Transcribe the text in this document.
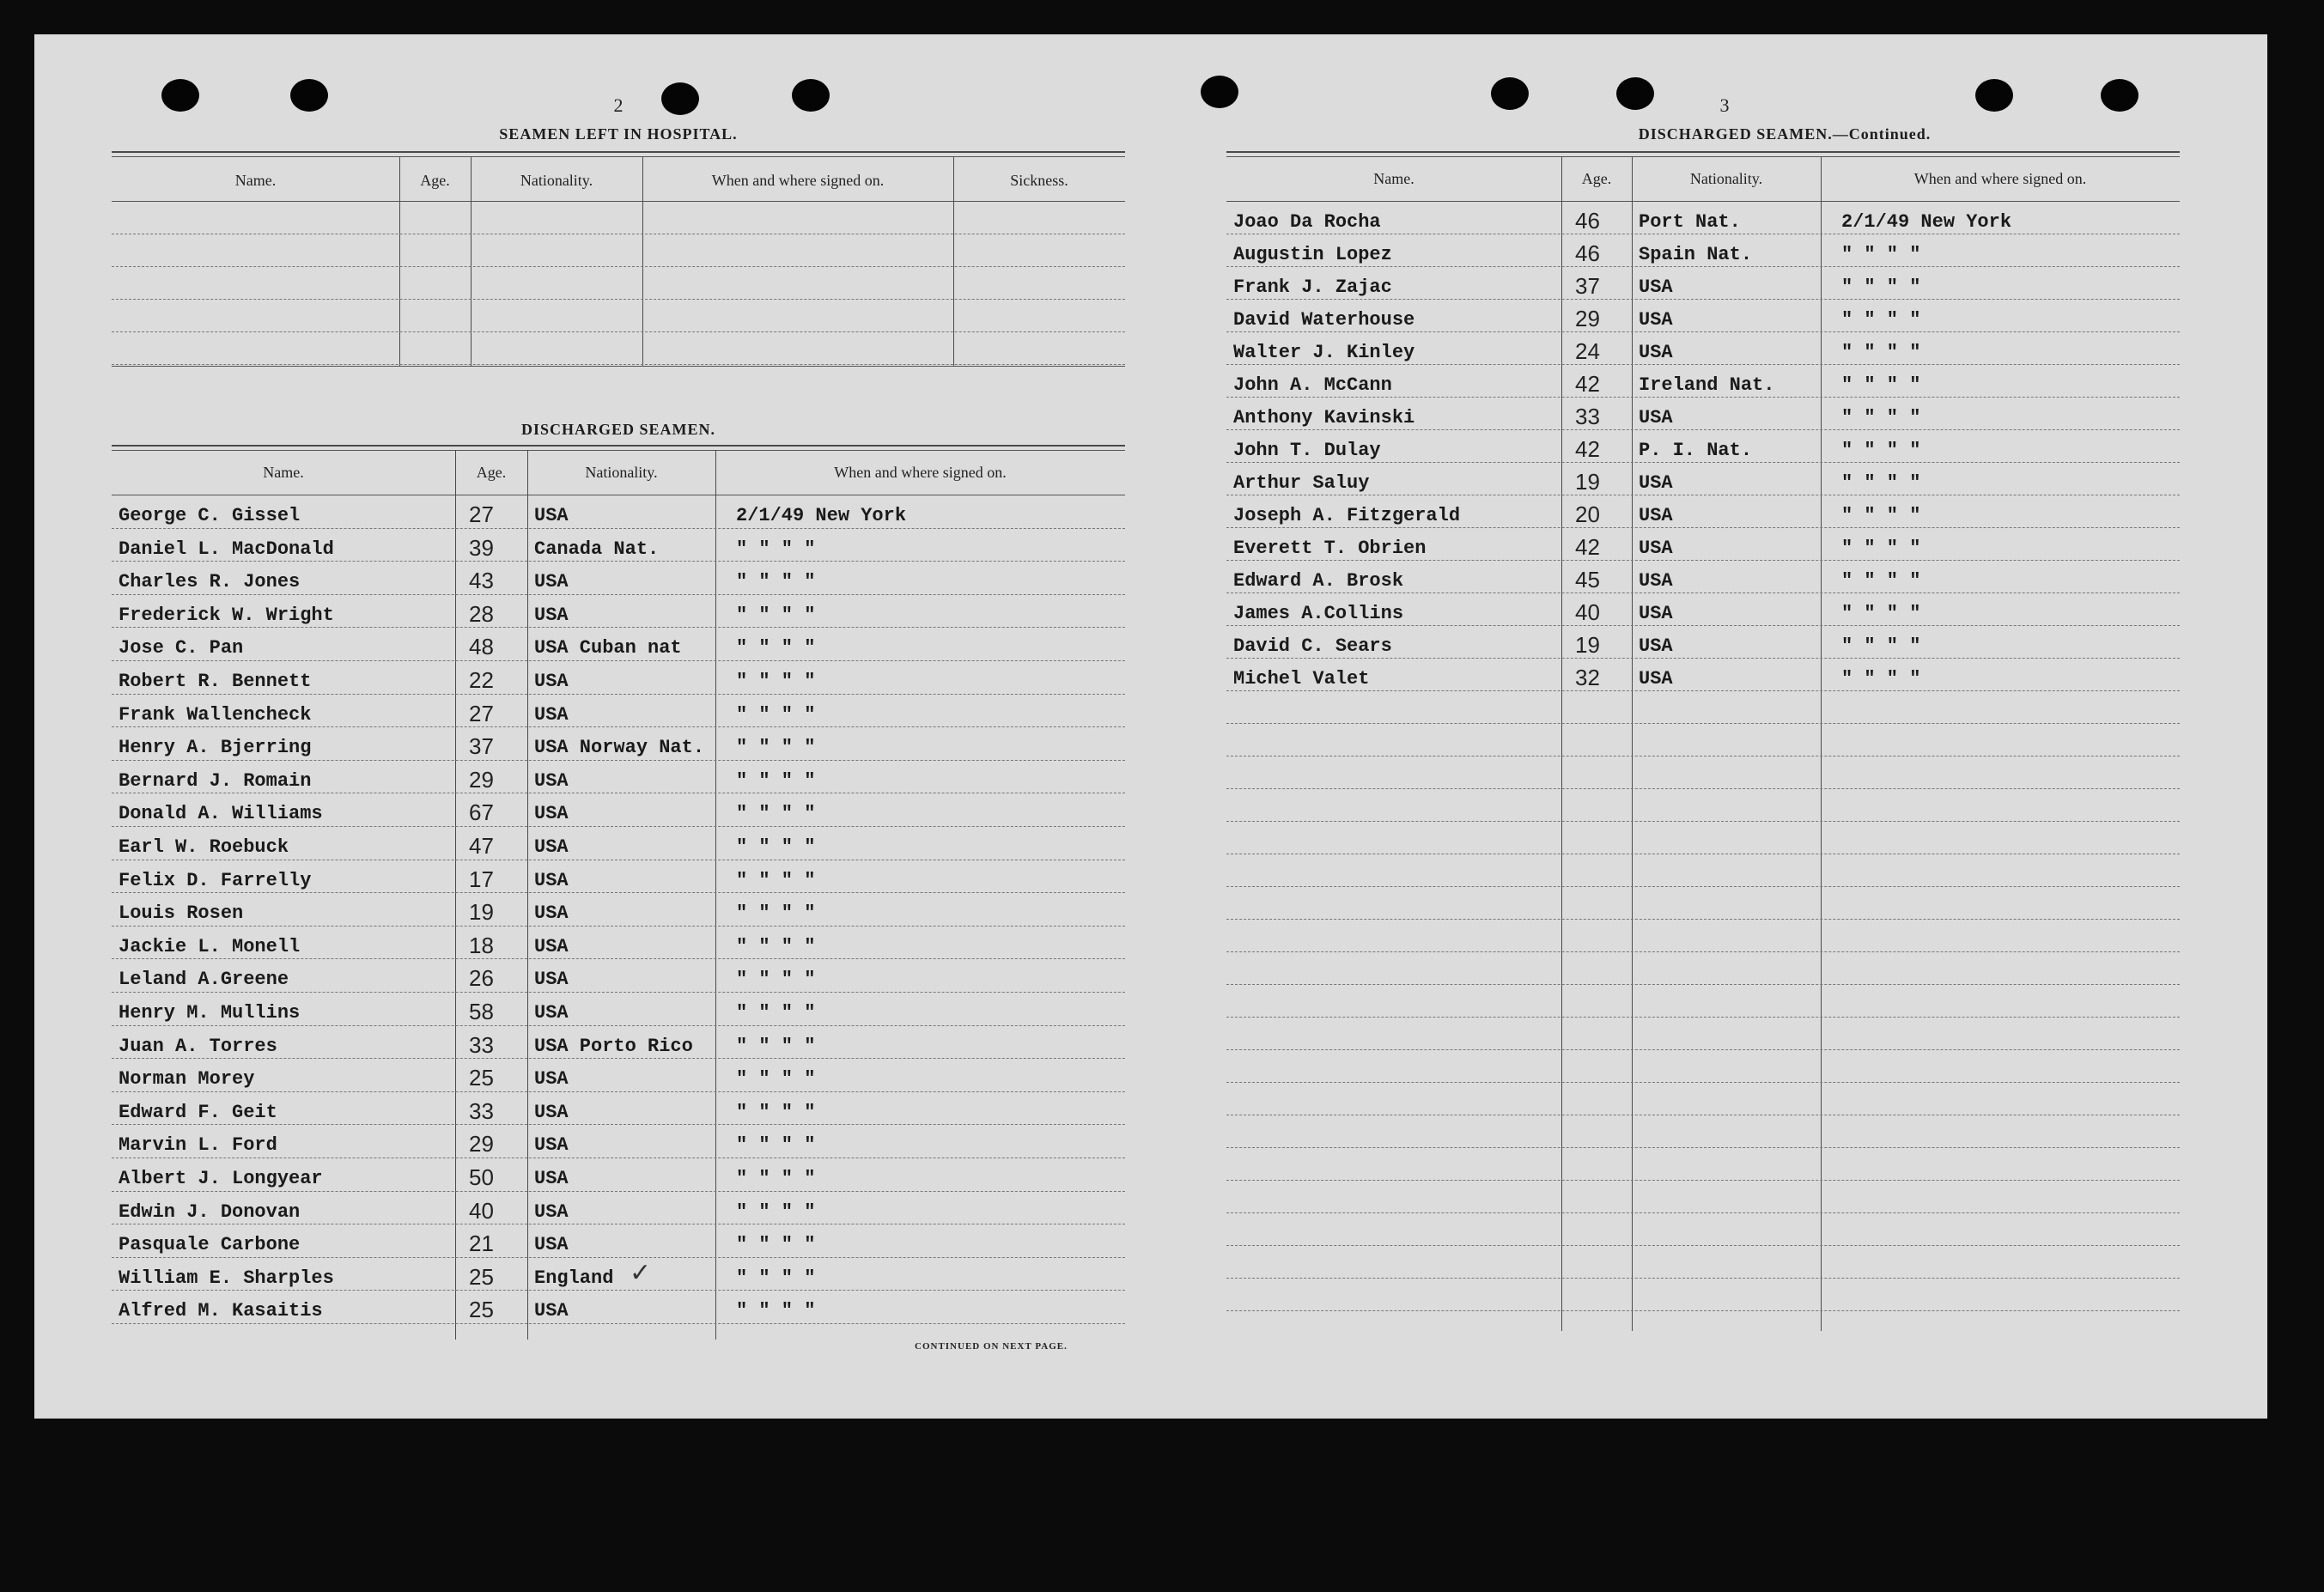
2
SEAMEN LEFT IN HOSPITAL.
Name.	Age.	Nationality.	When and where signed on.	Sickness.
DISCHARGED SEAMEN.
Name.	Age.	Nationality.	When and where signed on.
George C. Gissel	27 USA	2/1/49 New York
Daniel L. MacDonald	39 Canada Nat.	" " " "
Charles R. Jones	43 USA	" " " "
Frederick W. Wright	28 USA	" " " "
Jose C. Pan	48 USA Cuban nat	" " " "
Robert R. Bennett	22 USA	" " " "
Frank Wallencheck	27 USA	" " " "
Henry A. Bjerring	37 USA Norway Nat. " " " "
Bernard J. Romain	29 USA	" " " "
Donald A. Williams	67 USA	" " " "
Earl W. Roebuck	47 USA	" " " "
Felix D. Farrelly	17 USA	" " " "
Louis Rosen	19 USA	" " " "
Jackie L. Monell	18 USA	" " " "
Leland A.Greene	26 USA	" " " "
Henry M. Mullins	58 USA	" " " "
Juan A. Torres	33 USA Porto Rico " " " "
Norman Morey	25 USA	" " " "
Edward F. Geit	33 USA	" " " "
Marvin L. Ford	29 USA	" " " "
Albert J. Longyear	50 USA	" " " "
Edwin J. Donovan	40 USA	" " " "
Pasquale Carbone	21 USA	" " " "
William E. Sharples	25 England	" " " "
Alfred M. Kasaitis	25 USA	" " " "
CONTINUED ON NEXT PAGE.
✓
3
DISCHARGED SEAMEN.—Continued.
Name.	Age.	Nationality.	When and where signed on.
Joao Da Rocha	46 Port Nat.	2/1/49 New York
Augustin Lopez	46 Spain Nat.	" " " "
Frank J. Zajac	37 USA	" " " "
David Waterhouse	29 USA	" " " "
Walter J. Kinley	24 USA	" " " "
John A. McCann	42 Ireland Nat.	" " " "
Anthony Kavinski	33 USA	" " " "
John T. Dulay	42 P. I. Nat.	" " " "
Arthur Saluy	19 USA	" " " "
Joseph A. Fitzgerald	20 USA	" " " "
Everett T. Obrien	42 USA	" " " "
Edward A. Brosk	45 USA	" " " "
James A.Collins	40 USA	" " " "
David C. Sears	19 USA	" " " "
Michel Valet	32 USA	" " " "
